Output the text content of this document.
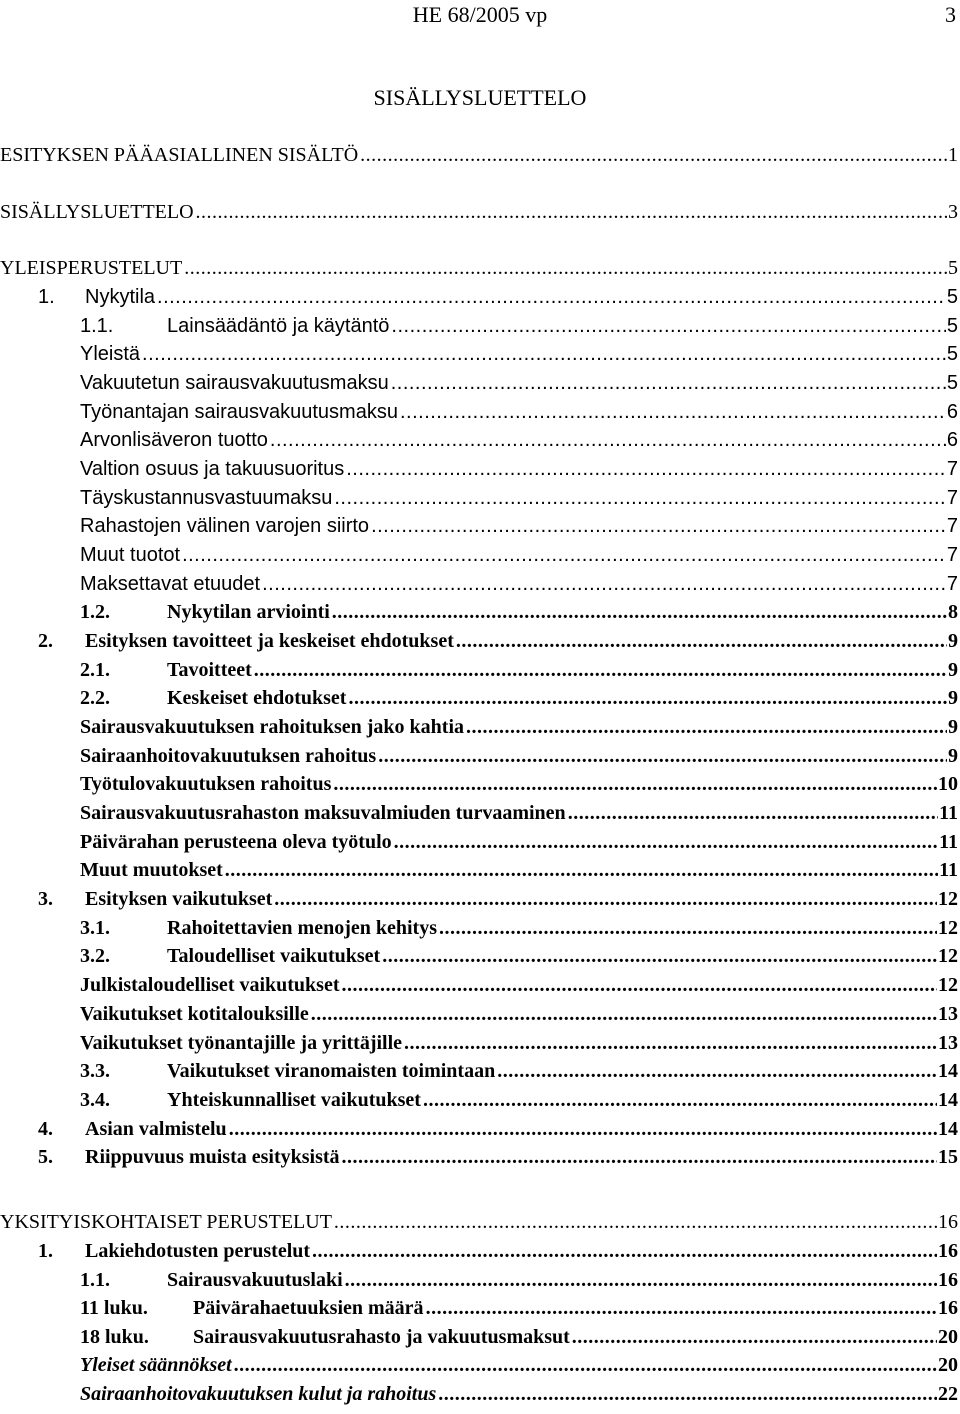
HE 68/2005 vp	3
SISÄLLYSLUETTELO
ESITYKSEN PÄÄASIALLINEN SISÄLTÖ .....	1
SISÄLLYSLUETTELO .....	3
YLEISPERUSTELUT .....	5
1. Nykytila .....	5
1.1.	Lainsäädäntö ja käytäntö .....	5
Yleistä .....	5
Vakuutetun sairausvakuutusmaksu .....	5
Työnantajan sairausvakuutusmaksu .....	6
Arvonlisäveron tuotto .....	6
Valtion osuus ja takuusuoritus .....	7
Täyskustannusvastuumaksu .....	7
Rahastojen välinen varojen siirto .....	7
Muut tuotot .....	7
Maksettavat etuudet .....	7
1.2.	Nykytilan arviointi .....	8
2. Esityksen tavoitteet ja keskeiset ehdotukset .....	9
2.1.	Tavoitteet .....	9
2.2.	Keskeiset ehdotukset .....	9
Sairausvakuutuksen rahoituksen jako kahtia .....	9
Sairaanhoitovakuutuksen rahoitus .....	9
Työtulovakuutuksen rahoitus .....	10
Sairausvakuutusrahaston maksuvalmiuden turvaaminen .....	11
Päivärahan perusteena oleva työtulo .....	11
Muut muutokset .....	11
3. Esityksen vaikutukset .....	12
3.1.	Rahoitettavien menojen kehitys .....	12
3.2.	Taloudelliset vaikutukset .....	12
Julkistaloudelliset vaikutukset .....	12
Vaikutukset kotitalouksille .....	13
Vaikutukset työnantajille ja yrittäjille .....	13
3.3.	Vaikutukset viranomaisten toimintaan .....	14
3.4.	Yhteiskunnalliset vaikutukset .....	14
4. Asian valmistelu .....	14
5. Riippuvuus muista esityksistä .....	15
YKSITYISKOHTAISET PERUSTELUT .....	16
1. Lakiehdotusten perustelut .....	16
1.1.	Sairausvakuutuslaki .....	16
11 luku. Päivärahaetuuksien määrä .....	16
18 luku. Sairausvakuutusrahasto ja vakuutusmaksut .....	20
Yleiset säännökset .....	20
Sairaanhoitovakuutuksen kulut ja rahoitus .....	22
